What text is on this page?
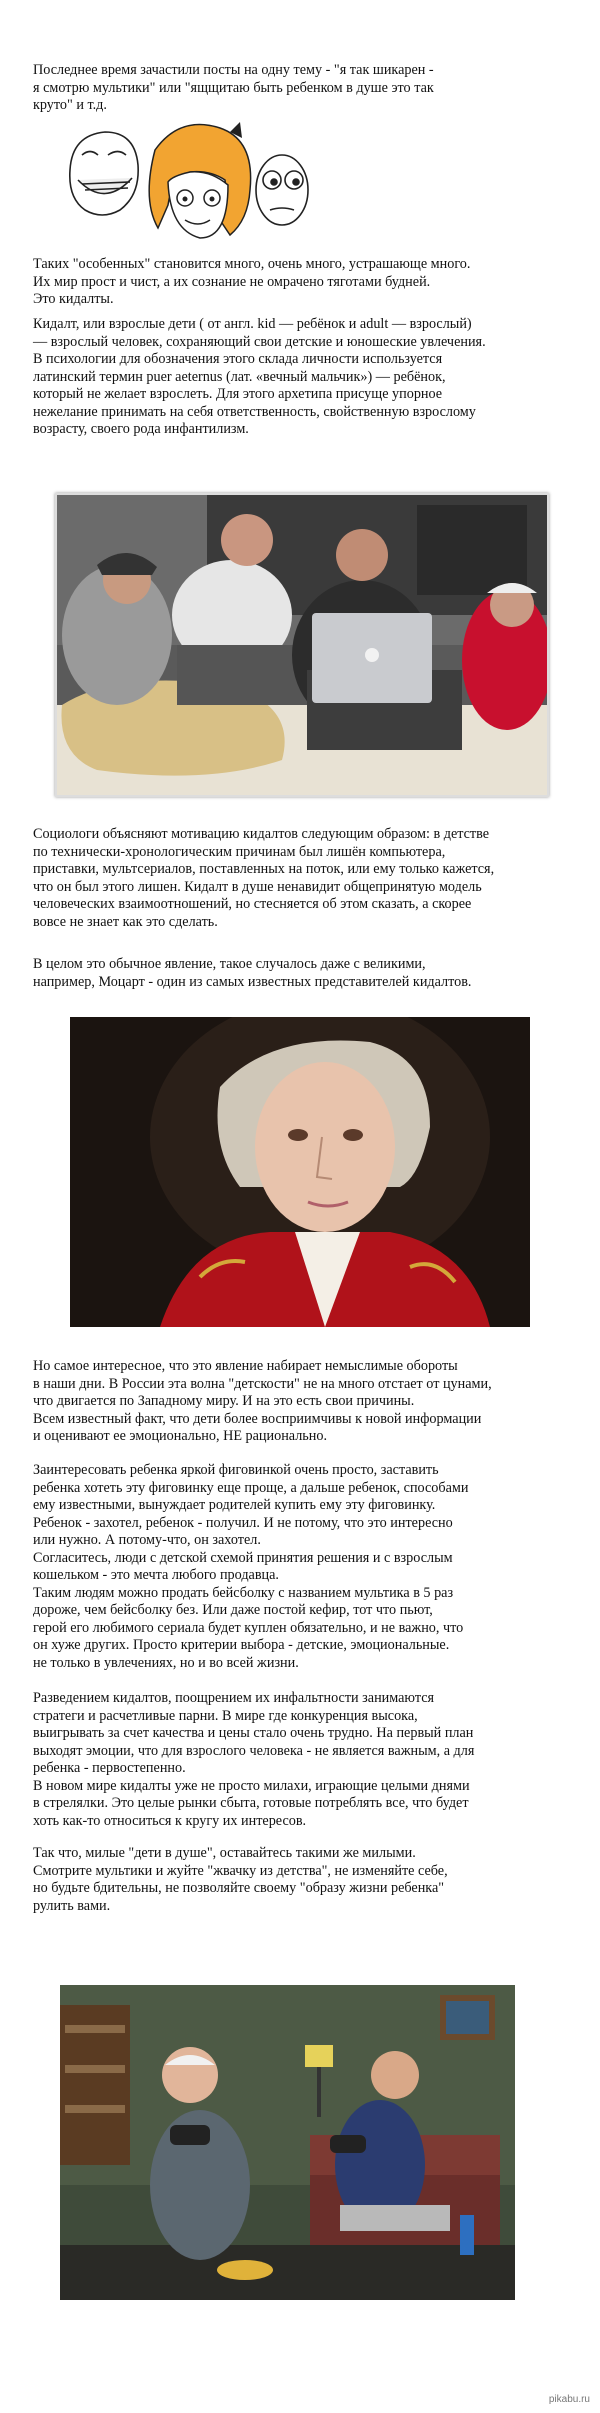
Последнее время зачастили посты на одну тему - "я так шикарен -
я смотрю мультики" или "ящщитаю быть ребенком в душе это так
круто" и т.д.

Таких "особенных" становится много, очень много, устрашающе много.
Их мир прост и чист, а их сознание не омрачено тяготами будней.
Это кидалты.

Кидалт, или взрослые дети ( от англ. kid — ребёнок и adult — взрослый)
— взрослый человек, сохраняющий свои детские и юношеские увлечения.
В психологии для обозначения этого склада личности используется
латинский термин puer aeternus (лат. «вечный мальчик») — ребёнок,
который не желает взрослеть. Для этого архетипа присуще упорное
нежелание принимать на себя ответственность, свойственную взрослому
возрасту, своего рода инфантилизм.

Социологи объясняют мотивацию кидалтов следующим образом: в детстве
по технически-хронологическим причинам был лишён компьютера,
приставки, мультсериалов, поставленных на поток, или ему только кажется,
что он был этого лишен. Кидалт в душе ненавидит общепринятую модель
человеческих взаимоотношений, но стесняется об этом сказать, а скорее
вовсе не знает как это сделать.

В целом это обычное явление, такое случалось даже с великими,
например, Моцарт - один из самых известных представителей кидалтов.

Но самое интересное, что это явление набирает немыслимые обороты
в наши дни. В России эта волна "детскости" не на много отстает от цунами,
что двигается по Западному миру. И на это есть свои причины.
Всем известный факт, что дети более восприимчивы к новой информации
и оценивают ее эмоционально, НЕ рационально.

Заинтересовать ребенка яркой фиговинкой очень просто, заставить
ребенка хотеть эту фиговинку еще проще, а дальше ребенок, способами
ему известными, вынуждает родителей купить ему эту фиговинку.
Ребенок - захотел, ребенок - получил. И не потому, что это интересно
или нужно. А потому-что, он захотел.
Согласитесь, люди с детской схемой принятия решения и с взрослым
кошельком - это мечта любого продавца.
Таким людям можно продать бейсболку с названием мультика в 5 раз
дороже, чем бейсболку без. Или даже постой кефир, тот что пьют,
герой его любимого сериала будет куплен обязательно, и не важно, что
он хуже других. Просто критерии выбора - детские, эмоциональные.
не только в увлечениях, но и во всей жизни.

Разведением кидалтов, поощрением их инфальтности занимаются
стратеги и расчетливые парни. В мире где конкуренция высока,
выигрывать за счет качества и цены стало очень трудно. На первый план
выходят эмоции, что для взрослого человека - не является важным, а для
ребенка - первостепенно.
В новом мире кидалты уже не просто милахи, играющие целыми днями
в стрелялки. Это целые рынки сбыта, готовые потреблять все, что будет
хоть как-то относиться к кругу их интересов.

Так что, милые "дети в душе", оставайтесь такими же милыми.
Смотрите мультики и жуйте "жвачку из детства", не изменяйте себе,
но будьте бдительны, не позволяйте своему "образу жизни ребенка"
рулить вами.

pikabu.ru
